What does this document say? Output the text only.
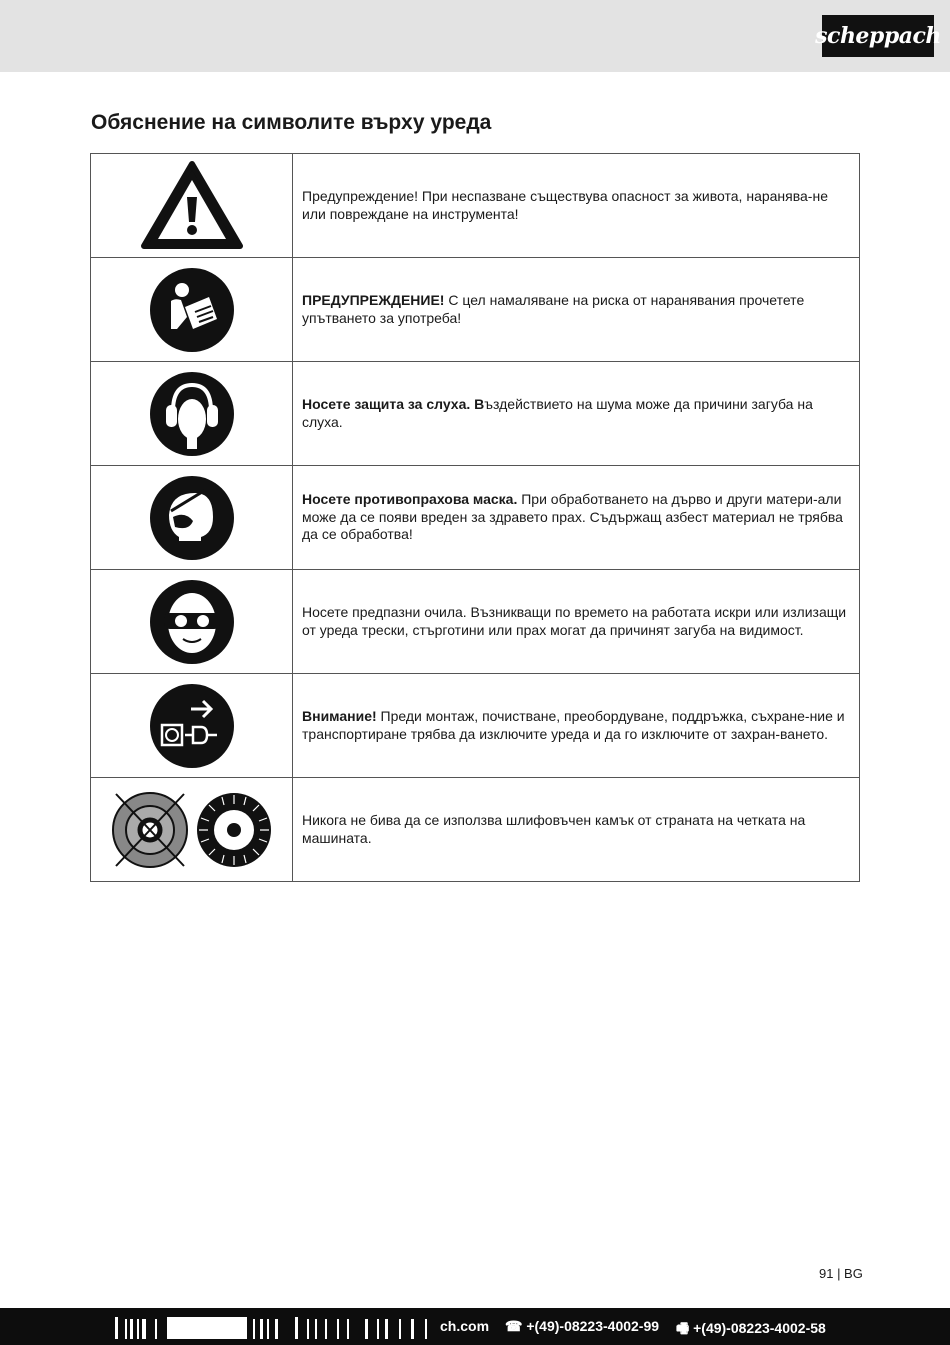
scheppach
Обяснение на символите върху уреда
	Предупреждение! При неспазване съществува опасност за живота, наранява-не или повреждане на инструмента!

	ПРЕДУПРЕЖДЕНИЕ! С цел намаляване на риска от наранявания прочетете упътването за употреба!

	Носете защита за слуха. Въздействието на шума може да причини загуба на слуха.

	Носете противопрахова маска. При обработването на дърво и други матери-али може да се появи вреден за здравето прах. Съдържащ азбест материал не трябва да се обработва!

	Носете предпазни очила. Възникващи по времето на работата искри или излизащи от уреда трески, стърготини или прах могат да причинят загуба на видимост.

	Внимание! Преди монтаж, почистване, преобордуване, поддръжка, съхране-ние и транспортиране трябва да изключите уреда и да го изключите от захран-ването.

	Никога не бива да се използва шлифовъчен камък от страната на четката на машината.
91 | BG
ch.com ☎ +(49)-08223-4002-99 🖷 +(49)-08223-4002-58
